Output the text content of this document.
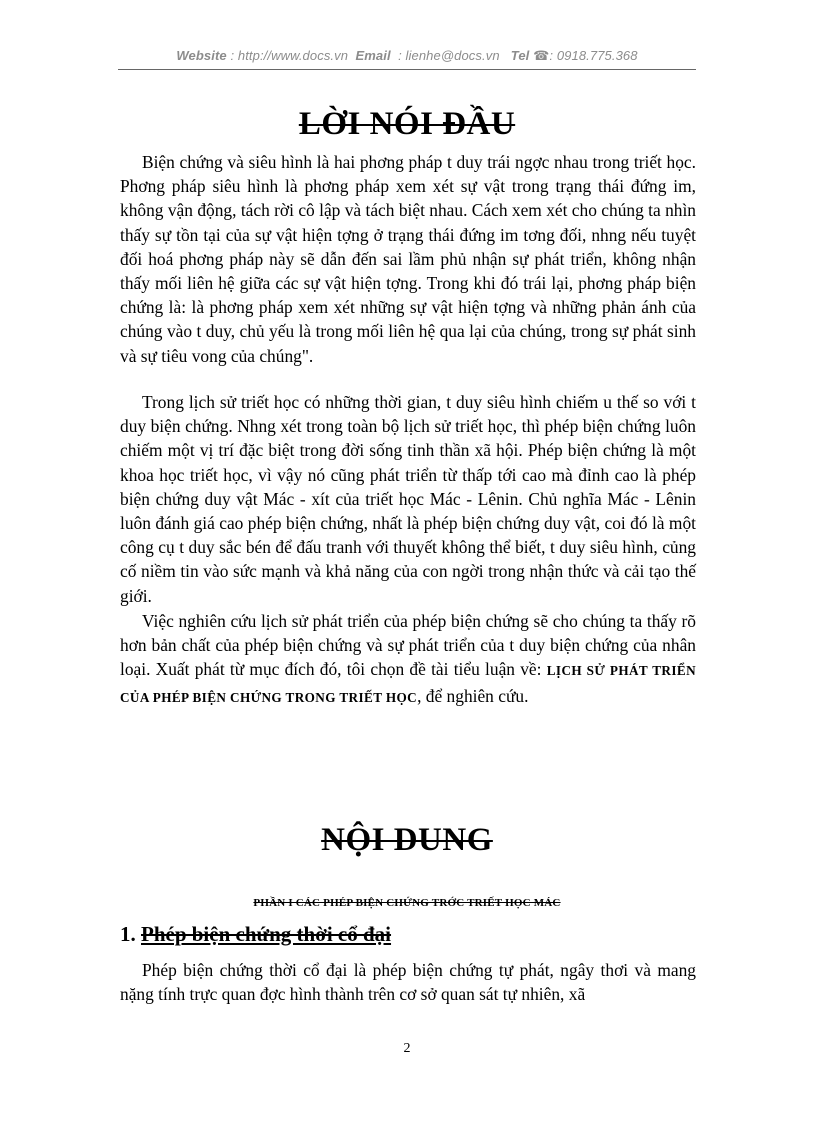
Website : http://www.docs.vn Email : lienhe@docs.vn Tel ☎: 0918.775.368
LỜI NÓI ĐẦU

Biện chứng và siêu hình là hai phơng pháp t duy trái ngợc nhau trong triết học. Phơng pháp siêu hình là phơng pháp xem xét sự vật trong trạng thái đứng im, không vận động, tách rời cô lập và tách biệt nhau. Cách xem xét cho chúng ta nhìn thấy sự tồn tại của sự vật hiện tợng ở trạng thái đứng im tơng đối, nhng nếu tuyệt đối hoá phơng pháp này sẽ dẫn đến sai lầm phủ nhận sự phát triển, không nhận thấy mối liên hệ giữa các sự vật hiện tợng. Trong khi đó trái lại, phơng pháp biện chứng là: là phơng pháp xem xét những sự vật hiện tợng và những phản ánh của chúng vào t duy, chủ yếu là trong mối liên hệ qua lại của chúng, trong sự phát sinh và sự tiêu vong của chúng".

Trong lịch sử triết học có những thời gian, t duy siêu hình chiếm u thế so với t duy biện chứng. Nhng xét trong toàn bộ lịch sử triết học, thì phép biện chứng luôn chiếm một vị trí đặc biệt trong đời sống tinh thần xã hội. Phép biện chứng là một khoa học triết học, vì vậy nó cũng phát triển từ thấp tới cao mà đỉnh cao là phép biện chứng duy vật Mác - xít của triết học Mác - Lênin. Chủ nghĩa Mác - Lênin luôn đánh giá cao phép biện chứng, nhất là phép biện chứng duy vật, coi đó là một công cụ t duy sắc bén để đấu tranh với thuyết không thể biết, t duy siêu hình, củng cố niềm tin vào sức mạnh và khả năng của con ngời trong nhận thức và cải tạo thế giới.

Việc nghiên cứu lịch sử phát triển của phép biện chứng sẽ cho chúng ta thấy rõ hơn bản chất của phép biện chứng và sự phát triển của t duy biện chứng của nhân loại. Xuất phát từ mục đích đó, tôi chọn đề tài tiểu luận về: LỊCH SỬ PHÁT TRIỂN CỦA PHÉP BIỆN CHỨNG TRONG TRIẾT HỌC, để nghiên cứu.

NỘI DUNG

PHẦN I CÁC PHÉP BIỆN CHỨNG TRỚC TRIẾT HỌC MÁC

1. Phép biện chứng thời cổ đại

Phép biện chứng thời cổ đại là phép biện chứng tự phát, ngây thơi và mang nặng tính trực quan đợc hình thành trên cơ sở quan sát tự nhiên, xã

2
